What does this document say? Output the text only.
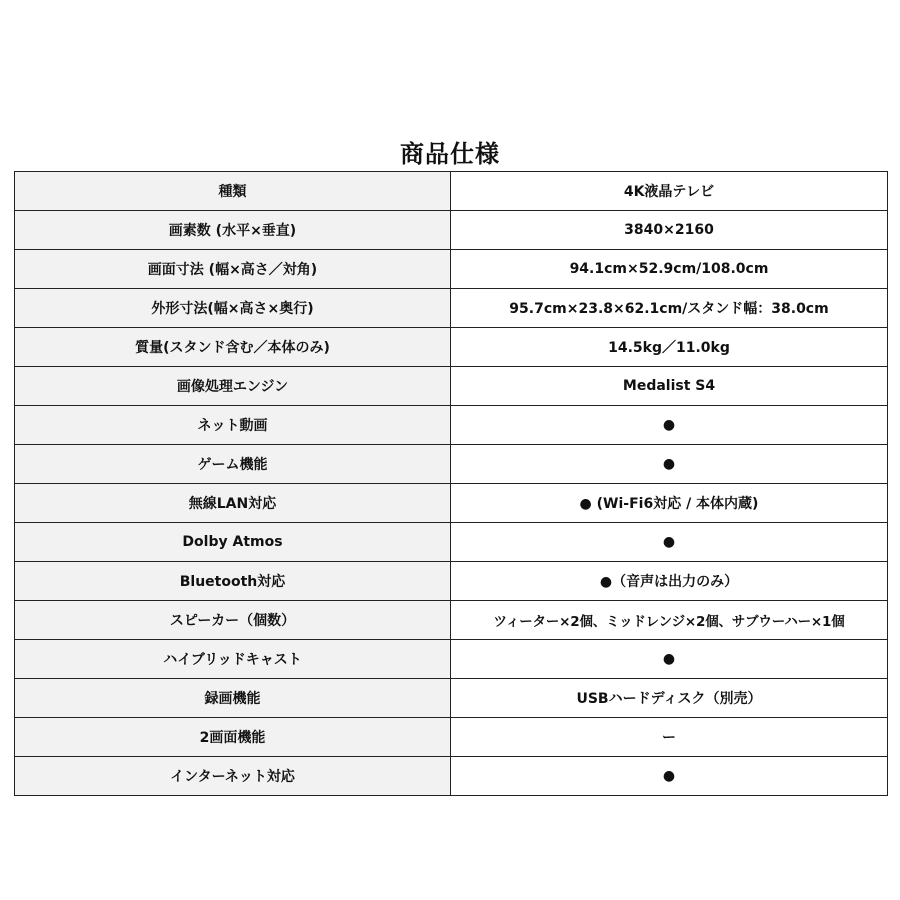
商品仕様
種類	4K液晶テレビ
画素数 (水平×垂直)	3840×2160
画面寸法 (幅×高さ／対角)	94.1cm×52.9cm/108.0cm
外形寸法(幅×高さ×奥行)	95.7cm×23.8×62.1cm/スタンド幅：38.0cm
質量(スタンド含む／本体のみ)	14.5kg／11.0kg
画像処理エンジン	Medalist S4
ネット動画	●
ゲーム機能	●
無線LAN対応	● (Wi-Fi6対応 / 本体内蔵)
Dolby Atmos	●
Bluetooth対応	●（音声は出力のみ）
スピーカー（個数）	ツィーター×2個、ミッドレンジ×2個、サブウーハー×1個
ハイブリッドキャスト	●
録画機能	USBハードディスク（別売）
2画面機能	ー
インターネット対応	●
